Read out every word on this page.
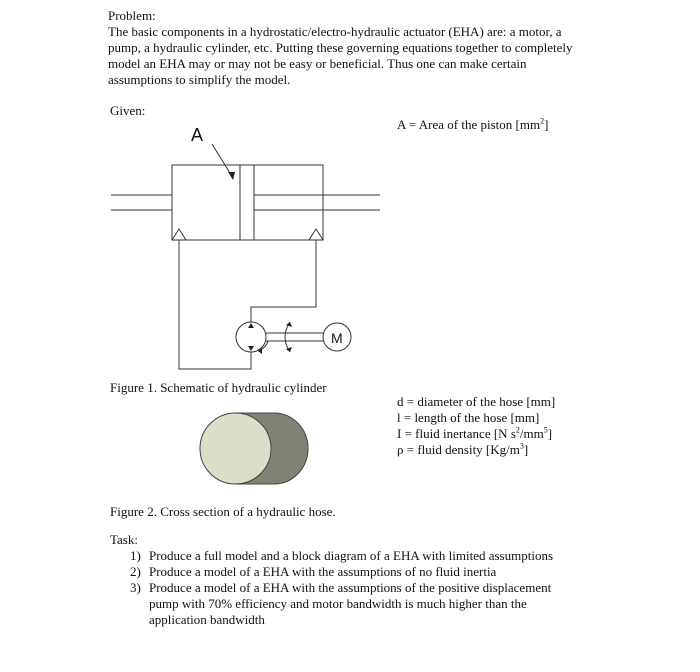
Problem:
The basic components in a hydrostatic/electro-hydraulic actuator (EHA) are: a motor, a
pump, a hydraulic cylinder, etc. Putting these governing equations together to completely
model an EHA may or may not be easy or beneficial. Thus one can make certain
assumptions to simplify the model.
Given:
A = Area of the piston $[mm^2]$
A
M
Figure 1. Schematic of hydraulic cylinder
d = diameter of the hose [mm]
l = length of the hose [mm]
I = fluid inertance [N $s^2/mm^5$]
ρ = fluid density $[Kg/m^3]$
Figure 2. Cross section of a hydraulic hose.
Task:
1) Produce a full model and a block diagram of a EHA with limited assumptions
2) Produce a model of a EHA with the assumptions of no fluid inertia
3) Produce a model of a EHA with the assumptions of the positive displacement
pump with 70% efficiency and motor bandwidth is much higher than the
application bandwidth
